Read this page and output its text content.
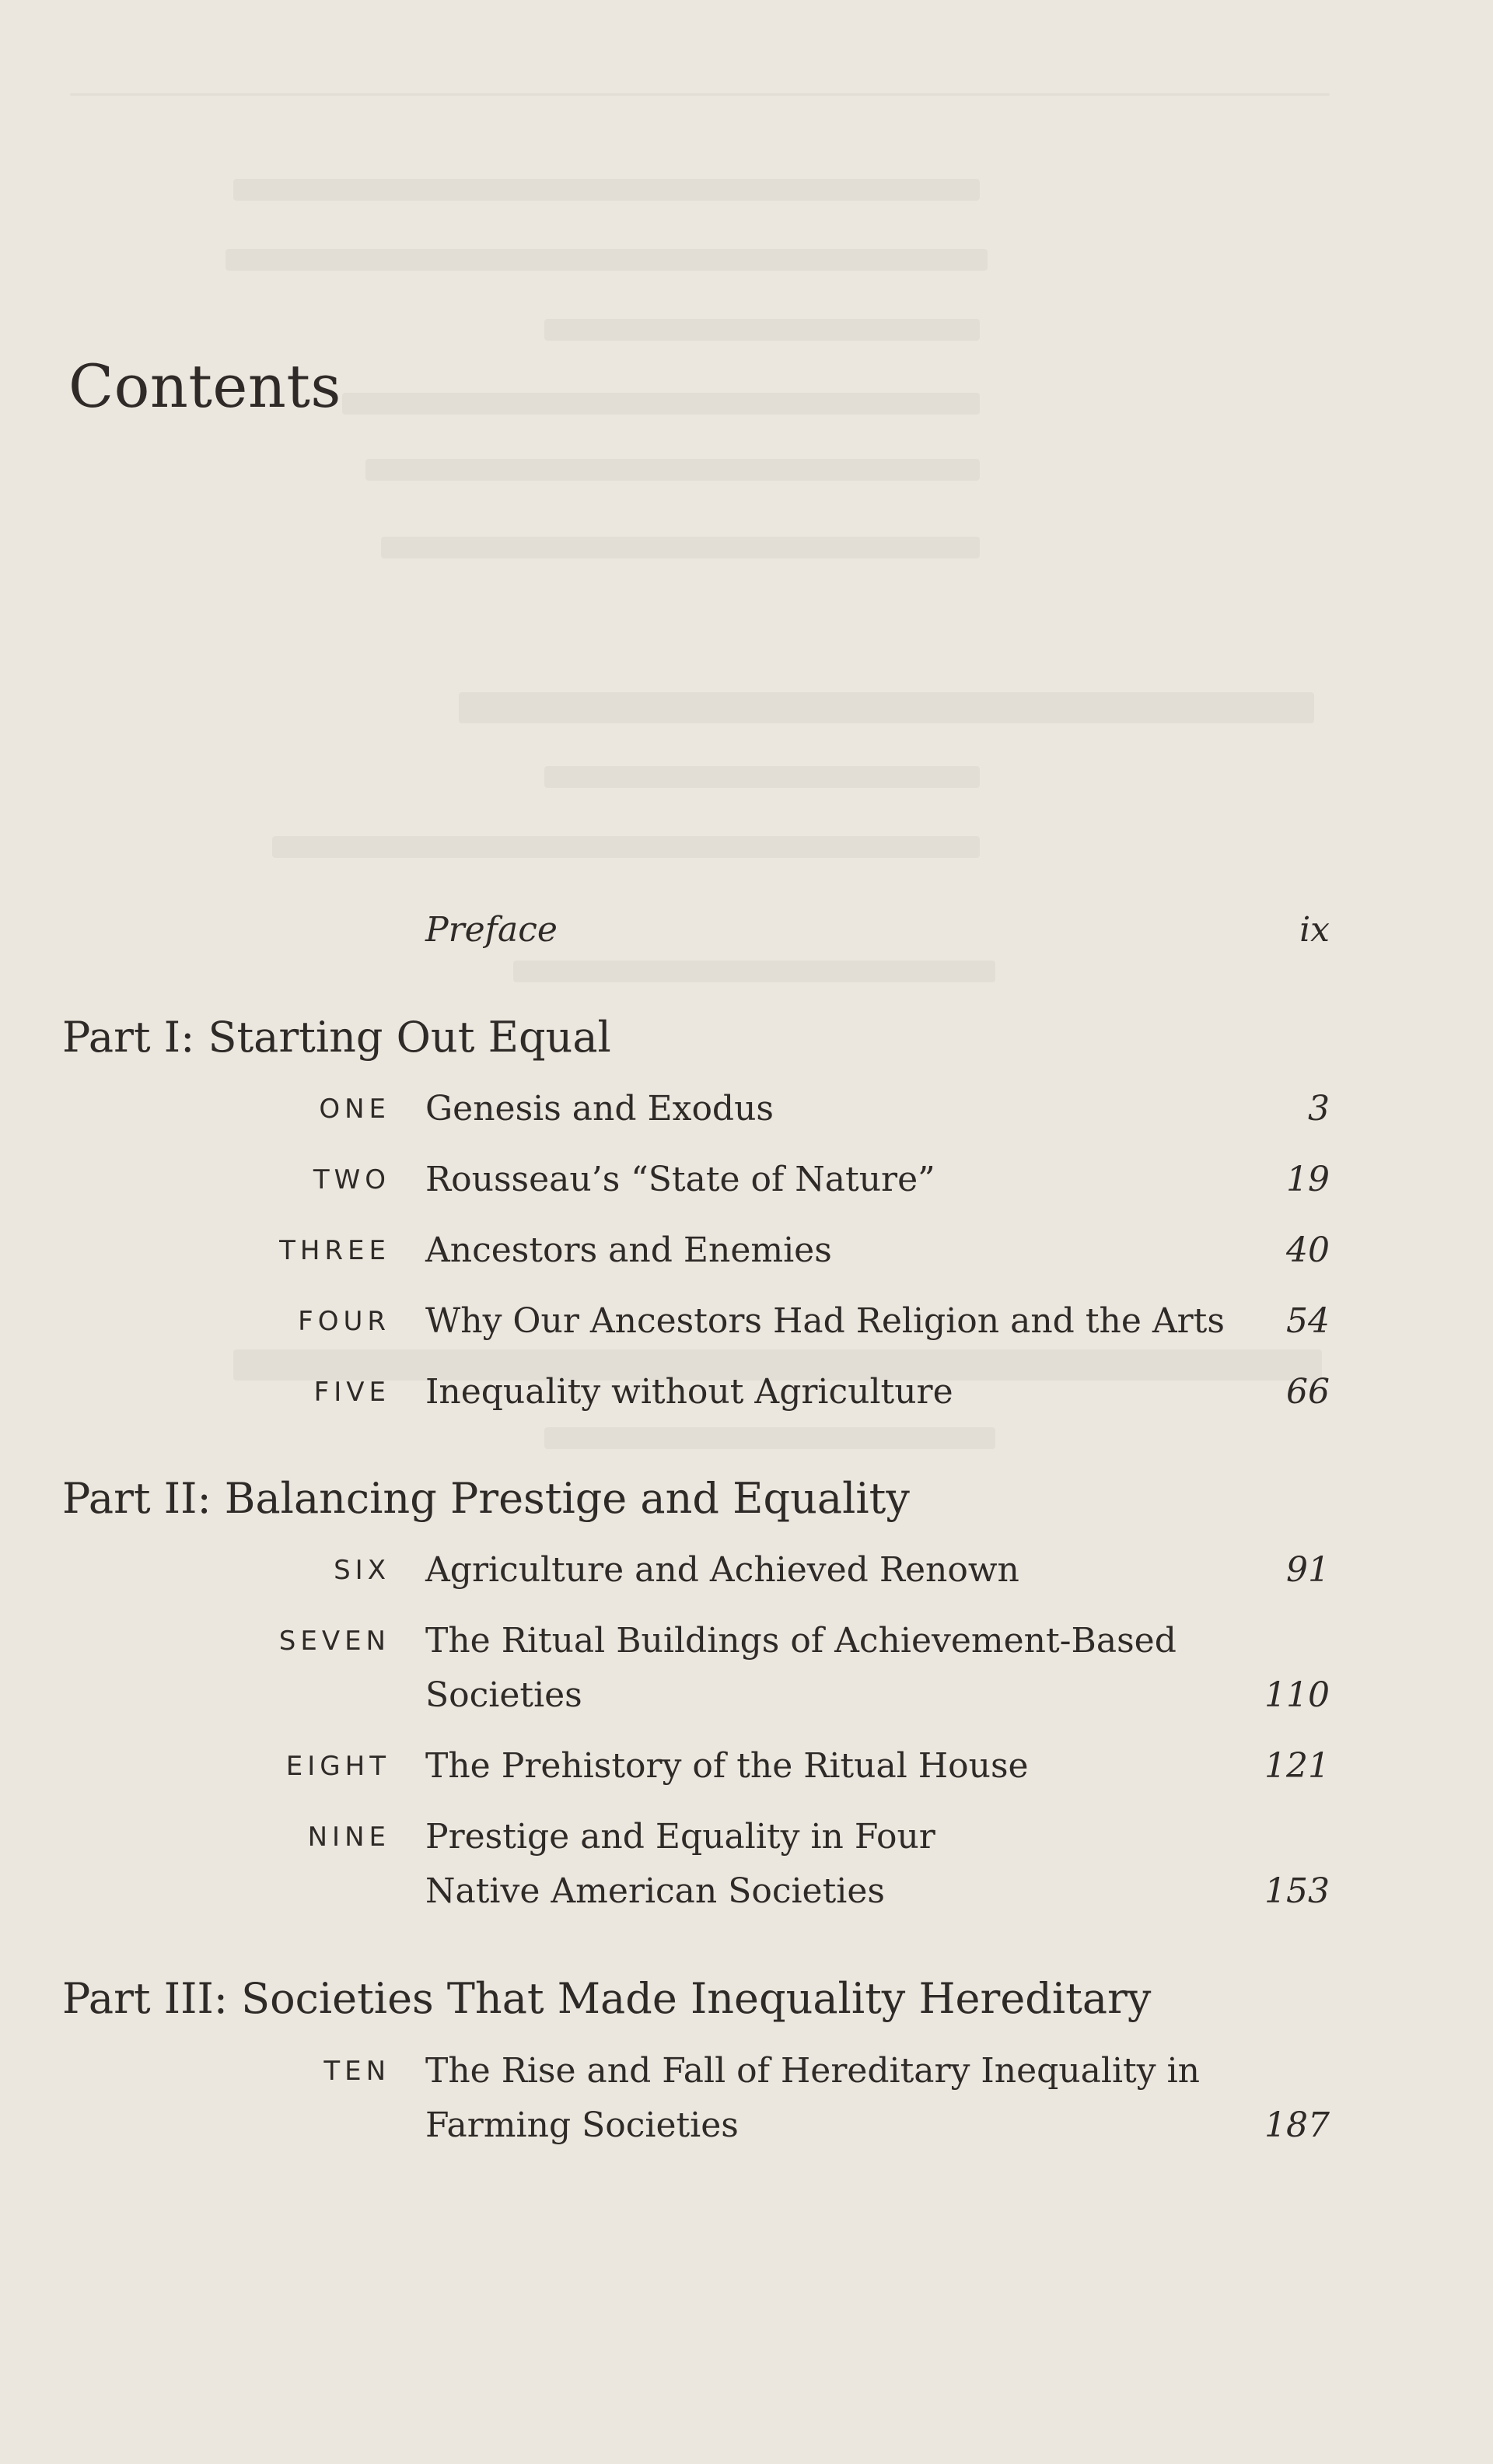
Contents
Preface	ix
Part I: Starting Out Equal
ONE Genesis and Exodus	3
TWO Rousseau’s “State of Nature”	19
THREE Ancestors and Enemies	40
FOUR Why Our Ancestors Had Religion and the Arts 54
FIVE Inequality without Agriculture	66
Part II: Balancing Prestige and Equality
SIX Agriculture and Achieved Renown	91
SEVEN The Ritual Buildings of Achievement-Based
Societies	110
EIGHT The Prehistory of the Ritual House	121
NINE Prestige and Equality in Four
Native American Societies	153
Part III: Societies That Made Inequality Hereditary
TEN The Rise and Fall of Hereditary Inequality in
Farming Societies	187
